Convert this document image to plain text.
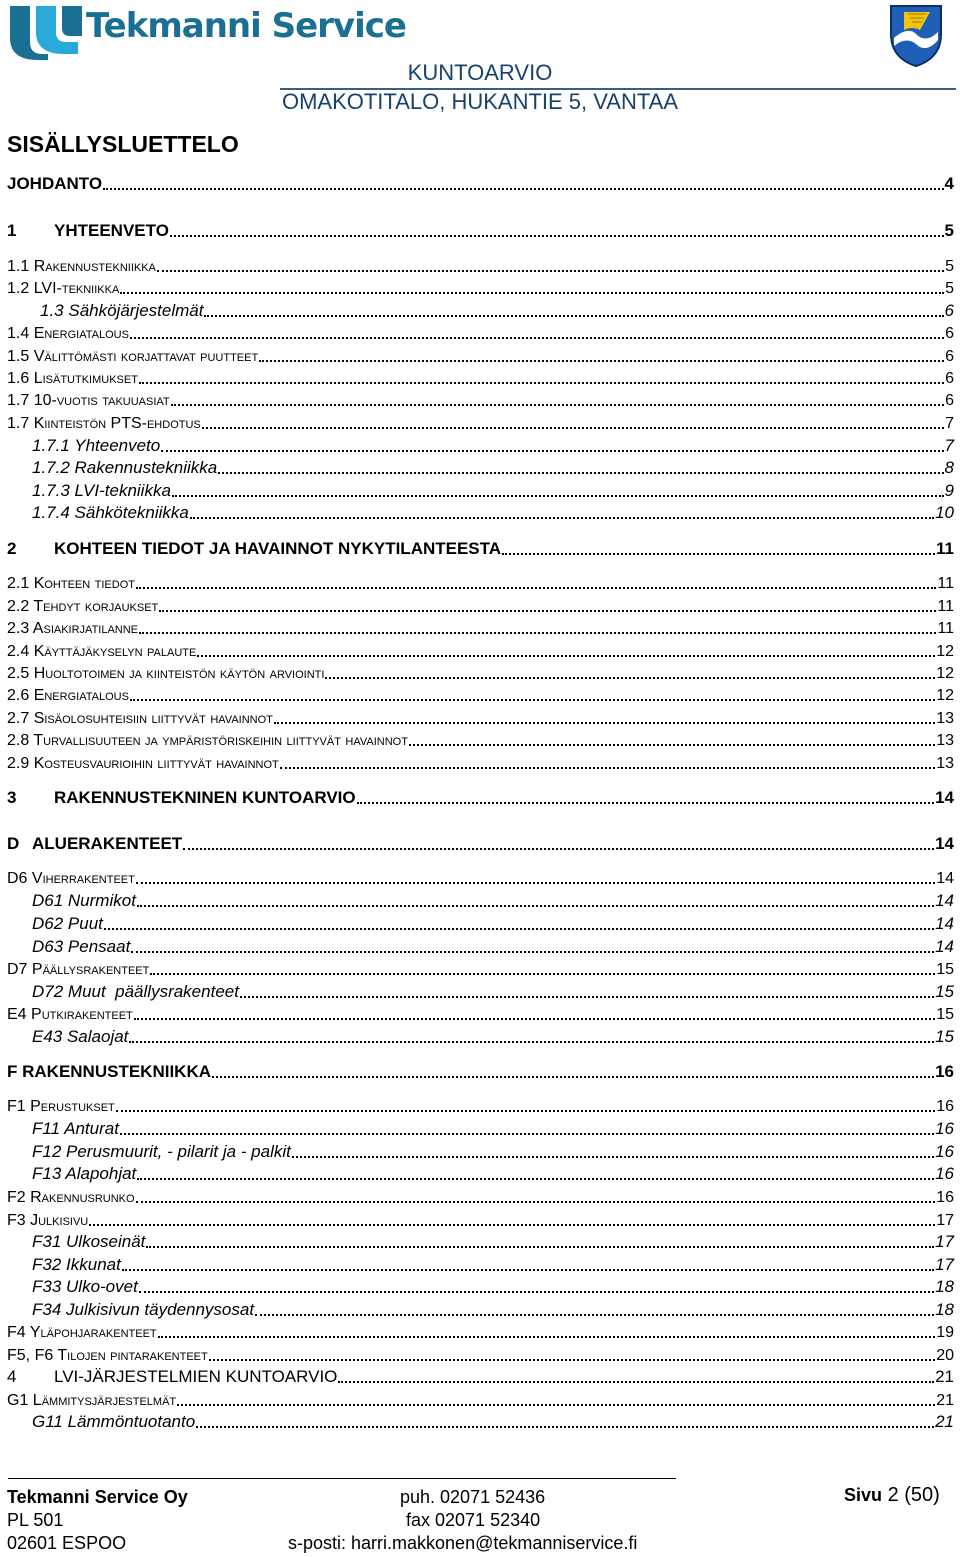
Tekmanni Service
KUNTOARVIO
OMAKOTITALO, HUKANTIE 5, VANTAA
SISÄLLYSLUETTELO
JOHDANTO	4
1	YHTEENVETO	5
1.1 Rakennustekniikka	5
1.2 LVI-tekniikka	5
1.3 Sähköjärjestelmät	6
1.4 Energiatalous	6
1.5 Välittömästi korjattavat puutteet	6
1.6 Lisätutkimukset	6
1.7 10-vuotis takuuasiat	6
1.7 Kiinteistön PTS-ehdotus	7
1.7.1 Yhteenveto	7
1.7.2 Rakennustekniikka	8
1.7.3 LVI-tekniikka	9
1.7.4 Sähkötekniikka	10
2	KOHTEEN TIEDOT JA HAVAINNOT NYKYTILANTEESTA	11
2.1 Kohteen tiedot	11
2.2 Tehdyt korjaukset	11
2.3 Asiakirjatilanne	11
2.4 Käyttäjäkyselyn palaute	12
2.5 Huoltotoimen ja kiinteistön käytön arviointi	12
2.6 Energiatalous	12
2.7 Sisäolosuhteisiin liittyvät havainnot	13
2.8 Turvallisuuteen ja ympäristöriskeihin liittyvät havainnot	13
2.9 Kosteusvaurioihin liittyvät havainnot	13
3	RAKENNUSTEKNINEN KUNTOARVIO	14
D ALUERAKENTEET	14
D6 Viherrakenteet	14
D61 Nurmikot	14
D62 Puut	14
D63 Pensaat	14
D7 Päällysrakenteet	15
D72 Muut  päällysrakenteet	15
E4 Putkirakenteet	15
E43 Salaojat	15
F RAKENNUSTEKNIIKKA	16
F1 Perustukset	16
F11 Anturat	16
F12 Perusmuurit, - pilarit ja - palkit	16
F13 Alapohjat	16
F2 Rakennusrunko	16
F3 Julkisivu	17
F31 Ulkoseinät	17
F32 Ikkunat	17
F33 Ulko-ovet	18
F34 Julkisivun täydennysosat	18
F4 Yläpohjarakenteet	19
F5, F6 Tilojen pintarakenteet	20
4	LVI-JÄRJESTELMIEN KUNTOARVIO	21
G1 Lämmitysjärjestelmät	21
G11 Lämmöntuotanto	21
Tekmanni Service Oy
PL 501
02601 ESPOO
puh. 02071 52436
fax 02071 52340
s-posti: harri.makkonen@tekmanniservice.fi
Sivu 2 (50)
